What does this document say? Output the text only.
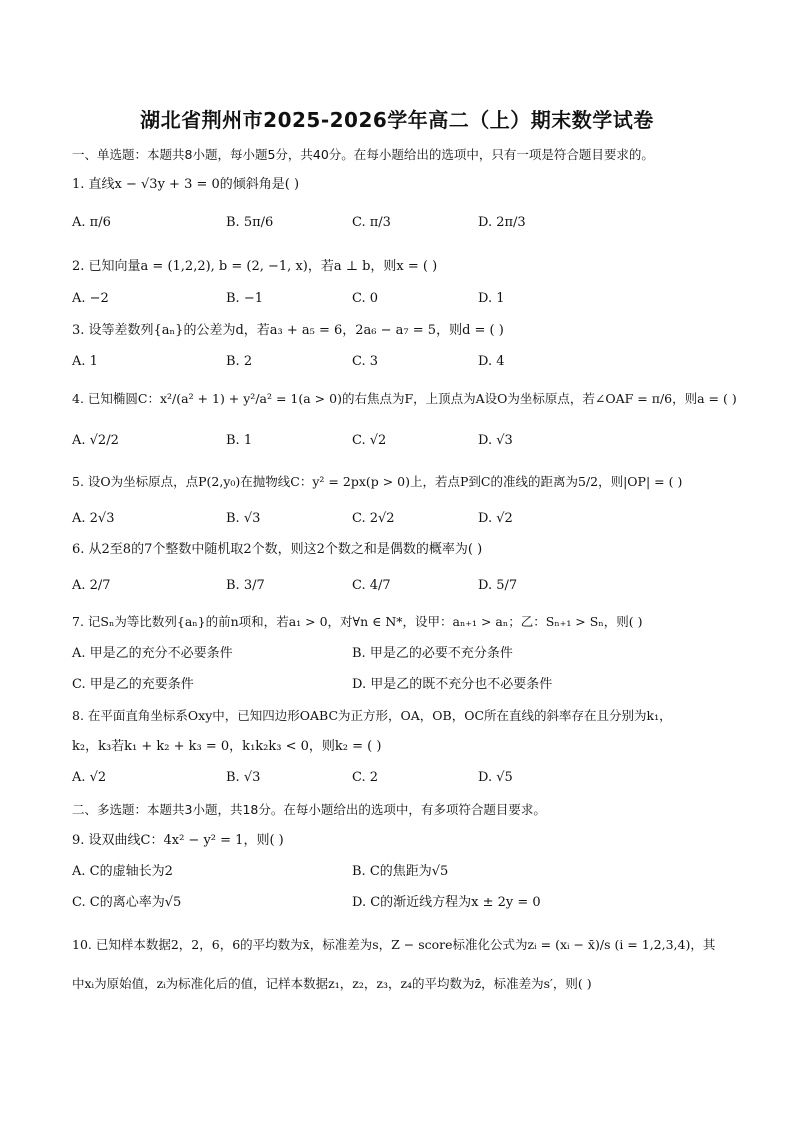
湖北省荆州市2025-2026学年高二（上）期末数学试卷
一、单选题：本题共8小题，每小题5分，共40分。在每小题给出的选项中，只有一项是符合题目要求的。
1. 直线x − √3y + 3 = 0的倾斜角是( )
A. π/6	B. 5π/6	C. π/3	D. 2π/3
2. 已知向量a = (1,2,2), b = (2, −1, x)，若a ⊥ b，则x = ( )
A. −2	B. −1	C. 0	D. 1
3. 设等差数列{aₙ}的公差为d，若a₃ + a₅ = 6，2a₆ − a₇ = 5，则d = ( )
A. 1	B. 2	C. 3	D. 4
4. 已知椭圆C：x²/(a² + 1) + y²/a² = 1(a > 0)的右焦点为F，上顶点为A设O为坐标原点，若∠OAF = π/6，则a = ( )
A. √2/2	B. 1	C. √2	D. √3
5. 设O为坐标原点，点P(2,y₀)在抛物线C：y² = 2px(p > 0)上，若点P到C的准线的距离为5/2，则|OP| = ( )
A. 2√3	B. √3	C. 2√2	D. √2
6. 从2至8的7个整数中随机取2个数，则这2个数之和是偶数的概率为( )
A. 2/7	B. 3/7	C. 4/7	D. 5/7
7. 记Sₙ为等比数列{aₙ}的前n项和，若a₁ > 0，对∀n ∈ N*，设甲：aₙ₊₁ > aₙ；乙：Sₙ₊₁ > Sₙ，则( )
A. 甲是乙的充分不必要条件	B. 甲是乙的必要不充分条件
C. 甲是乙的充要条件	D. 甲是乙的既不充分也不必要条件
8. 在平面直角坐标系Oxy中，已知四边形OABC为正方形，OA，OB，OC所在直线的斜率存在且分别为k₁，
k₂，k₃若k₁ + k₂ + k₃ = 0，k₁k₂k₃ < 0，则k₂ = ( )
A. √2	B. √3	C. 2	D. √5
二、多选题：本题共3小题，共18分。在每小题给出的选项中，有多项符合题目要求。
9. 设双曲线C：4x² − y² = 1，则( )
A. C的虚轴长为2	B. C的焦距为√5
C. C的离心率为√5	D. C的渐近线方程为x ± 2y = 0
10. 已知样本数据2，2，6，6的平均数为x̄，标准差为s，Z − score标准化公式为zᵢ = (xᵢ − x̄)/s (i = 1,2,3,4)，其
中xᵢ为原始值，zᵢ为标准化后的值，记样本数据z₁，z₂，z₃，z₄的平均数为z̄，标准差为s′，则( )
